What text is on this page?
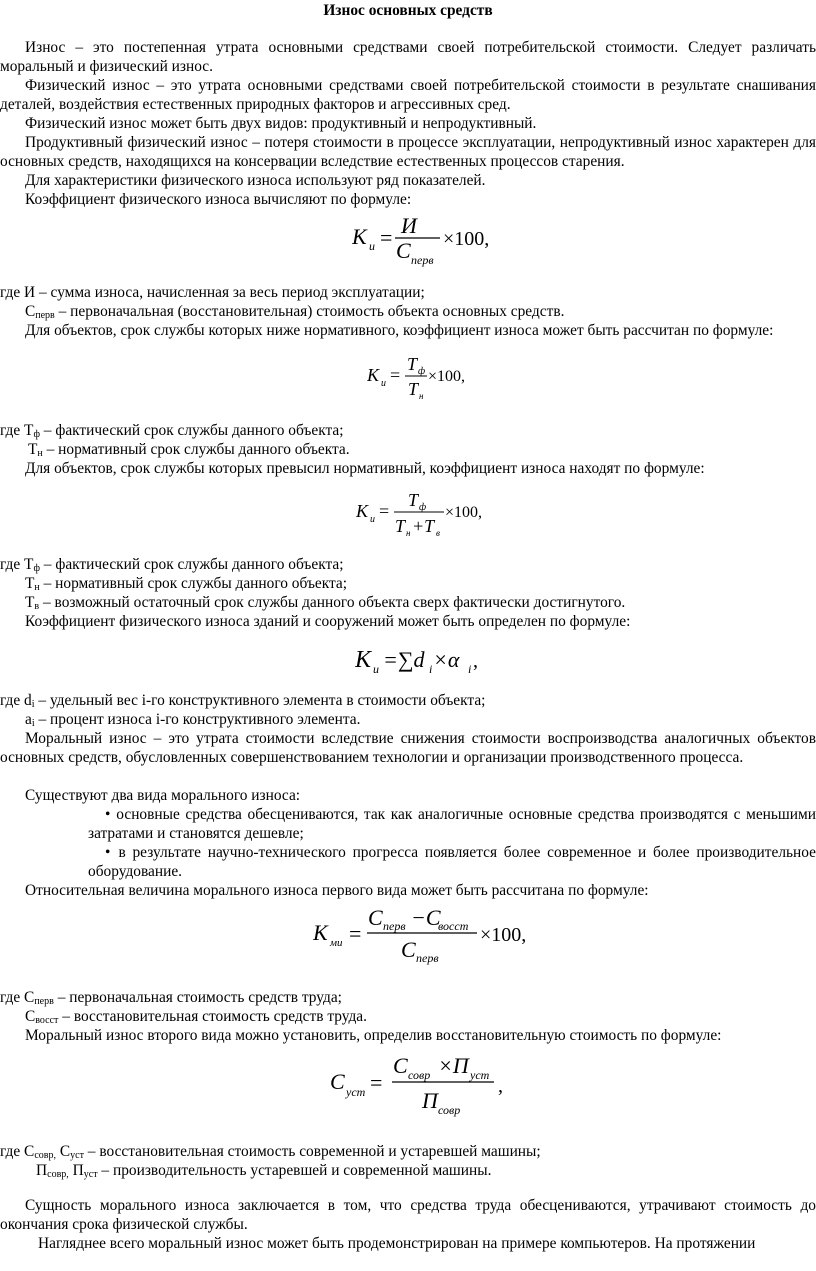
Износ основных средств
Износ – это постепенная утрата основными средствами своей потребительской стоимости. Следует различать моральный и физический износ.
Физический износ – это утрата основными средствами своей потребительской стоимости в результате снашивания деталей, воздействия естественных природных факторов и агрессивных сред.
Физический износ может быть двух видов: продуктивный и непродуктивный.
Продуктивный физический износ – потеря стоимости в процессе эксплуатации, непродуктивный износ характерен для основных средств, находящихся на консервации вследствие естественных процессов старения.
Для характеристики физического износа используют ряд показателей.
Коэффициент физического износа вычисляют по формуле:
К и = И
С перв
×100,
где И – сумма износа, начисленная за весь период эксплуатации;
$С_{перв}$ – первоначальная (восстановительная) стоимость объекта основных средств.
Для объектов, срок службы которых ниже нормативного, коэффициент износа может быть рассчитан по формуле:
К и =
Т ф
Т н
×100,
где $Т_ф$ – фактический срок службы данного объекта;
$Т_н$ – нормативный срок службы данного объекта.
Для объектов, срок службы которых превысил нормативный, коэффициент износа находят по формуле:
К и =
Т ф
Т н +Т в
×100,
где $Т_ф$ – фактический срок службы данного объекта;
$Т_н$ – нормативный срок службы данного объекта;
$Т_в$ – возможный остаточный срок службы данного объекта сверх фактически достигнутого.
Коэффициент физического износа зданий и сооружений может быть определен по формуле:
К и =∑d i ×α i ,
где $d_i$ – удельный вес i-го конструктивного элемента в стоимости объекта;
$a_i$ – процент износа i-го конструктивного элемента.
Моральный износ – это утрата стоимости вследствие снижения стоимости воспроизводства аналогичных объектов основных средств, обусловленных совершенствованием технологии и организации производственного процесса.
Существуют два вида морального износа:
• основные средства обесцениваются, так как аналогичные основные средства производятся с меньшими затратами и становятся дешевле;
• в результате научно-технического прогресса появляется более современное и более производительное оборудование.
Относительная величина морального износа первого вида может быть рассчитана по формуле:
К ми =
С перв −С
восст
С перв
×100,
где $С_{перв}$ – первоначальная стоимость средств труда;
$С_{восст}$ – восстановительная стоимость средств труда.
Моральный износ второго вида можно установить, определив восстановительную стоимость по формуле:
С уст =
С совр ×П уст
П совр
,
где $С_{совр,}$ $С_{уст}$ – восстановительная стоимость современной и устаревшей машины;
$П_{совр,}$ $П_{уст}$ – производительность устаревшей и современной машины.
Сущность морального износа заключается в том, что средства труда обесцениваются, утрачивают стоимость до окончания срока физической службы.
Нагляднее всего моральный износ может быть продемонстрирован на примере компьютеров. На протяжении
